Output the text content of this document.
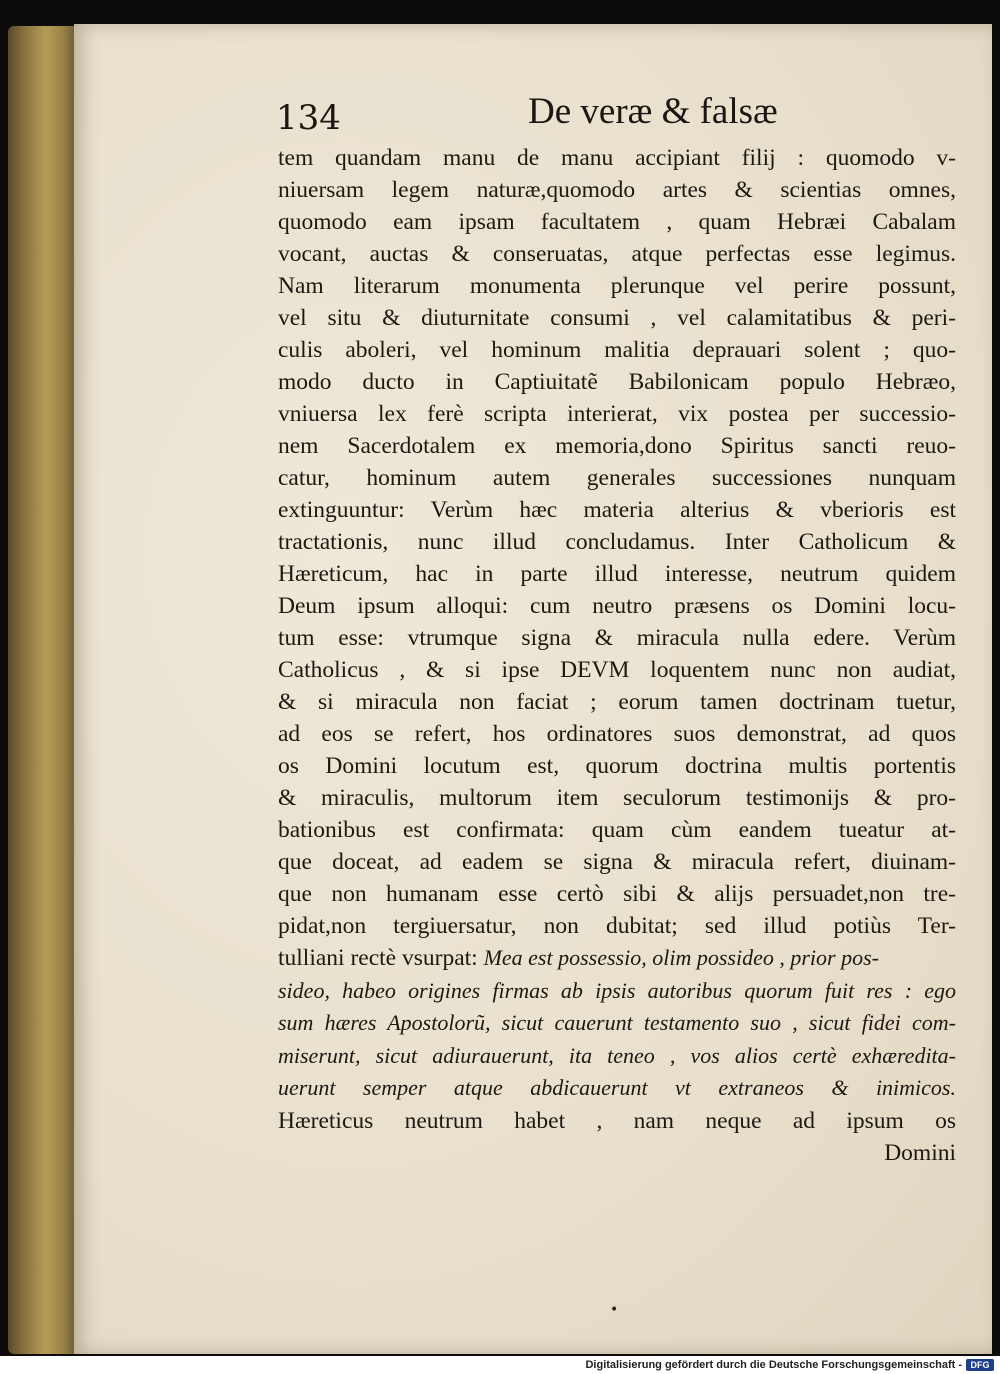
134	De veræ & falsæ
tem quandam manu de manu accipiant filij : quomodo v-
niuersam legem naturæ,quomodo artes & scientias omnes,
quomodo eam ipsam facultatem , quam Hebræi Cabalam
vocant, auctas & conseruatas, atque perfectas esse legimus.
Nam literarum monumenta plerunque vel perire possunt,
vel situ & diuturnitate consumi , vel calamitatibus & peri-
culis aboleri, vel hominum malitia deprauari solent ; quo-
modo ducto in Captiuitatẽ Babilonicam populo Hebræo,
vniuersa lex ferè scripta interierat, vix postea per successio-
nem Sacerdotalem ex memoria,dono Spiritus sancti reuo-
catur, hominum autem generales successiones nunquam
extinguuntur: Verùm hæc materia alterius & vberioris est
tractationis, nunc illud concludamus. Inter Catholicum &
Hæreticum, hac in parte illud interesse, neutrum quidem
Deum ipsum alloqui: cum neutro præsens os Domini locu-
tum esse: vtrumque signa & miracula nulla edere. Verùm
Catholicus , & si ipse DEVM loquentem nunc non audiat,
& si miracula non faciat ; eorum tamen doctrinam tuetur,
ad eos se refert, hos ordinatores suos demonstrat, ad quos
os Domini locutum est, quorum doctrina multis portentis
& miraculis, multorum item seculorum testimonijs & pro-
bationibus est confirmata: quam cùm eandem tueatur at-
que doceat, ad eadem se signa & miracula refert, diuinam-
que non humanam esse certò sibi & alijs persuadet,non tre-
pidat,non tergiuersatur, non dubitat; sed illud potiùs Ter-
tulliani rectè vsurpat: Mea est possessio, olim possideo , prior pos-
sideo, habeo origines firmas ab ipsis autoribus quorum fuit res : ego
sum hæres Apostolorũ, sicut cauerunt testamento suo , sicut fidei com-
miserunt, sicut adiurauerunt, ita teneo , vos alios certè exhæredita-
uerunt semper atque abdicauerunt vt extraneos & inimicos.
Hæreticus neutrum habet , nam neque ad ipsum os
Domini
•
Digitalisierung gefördert durch die Deutsche Forschungsgemeinschaft - DFG
